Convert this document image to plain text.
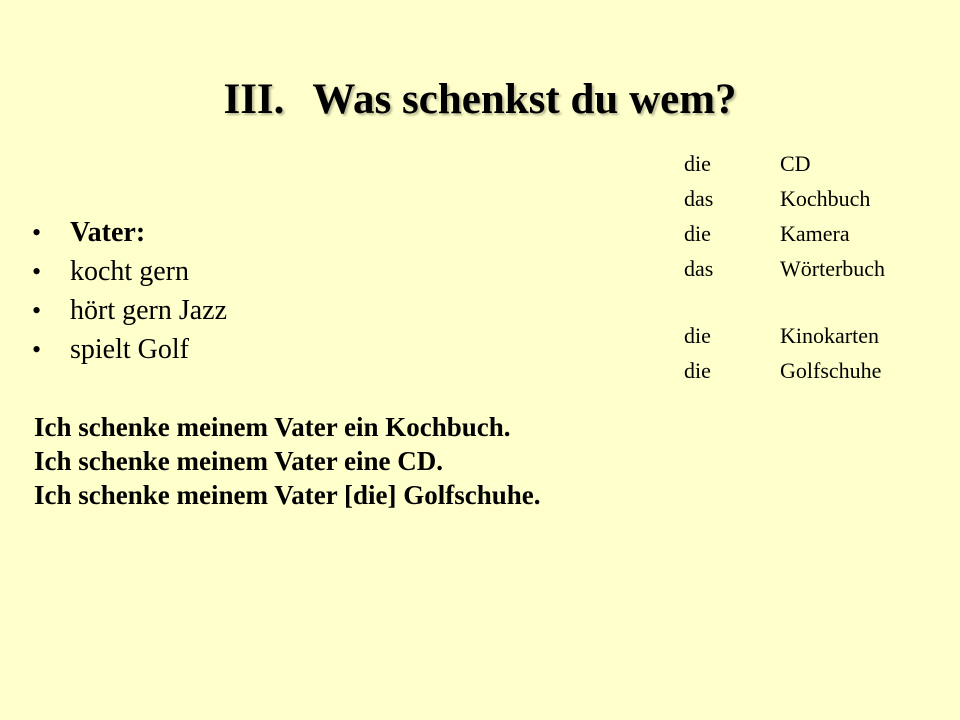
III. Was schenkst du wem?
die	CD
das	Kochbuch
die	Kamera
das	Wörterbuch
die	Kinokarten
die	Golfschuhe
•	Vater:
•	kocht gern
•	hört gern Jazz
•	spielt Golf
Ich schenke meinem Vater ein Kochbuch.
Ich schenke meinem Vater eine CD.
Ich schenke meinem Vater [die] Golfschuhe.
